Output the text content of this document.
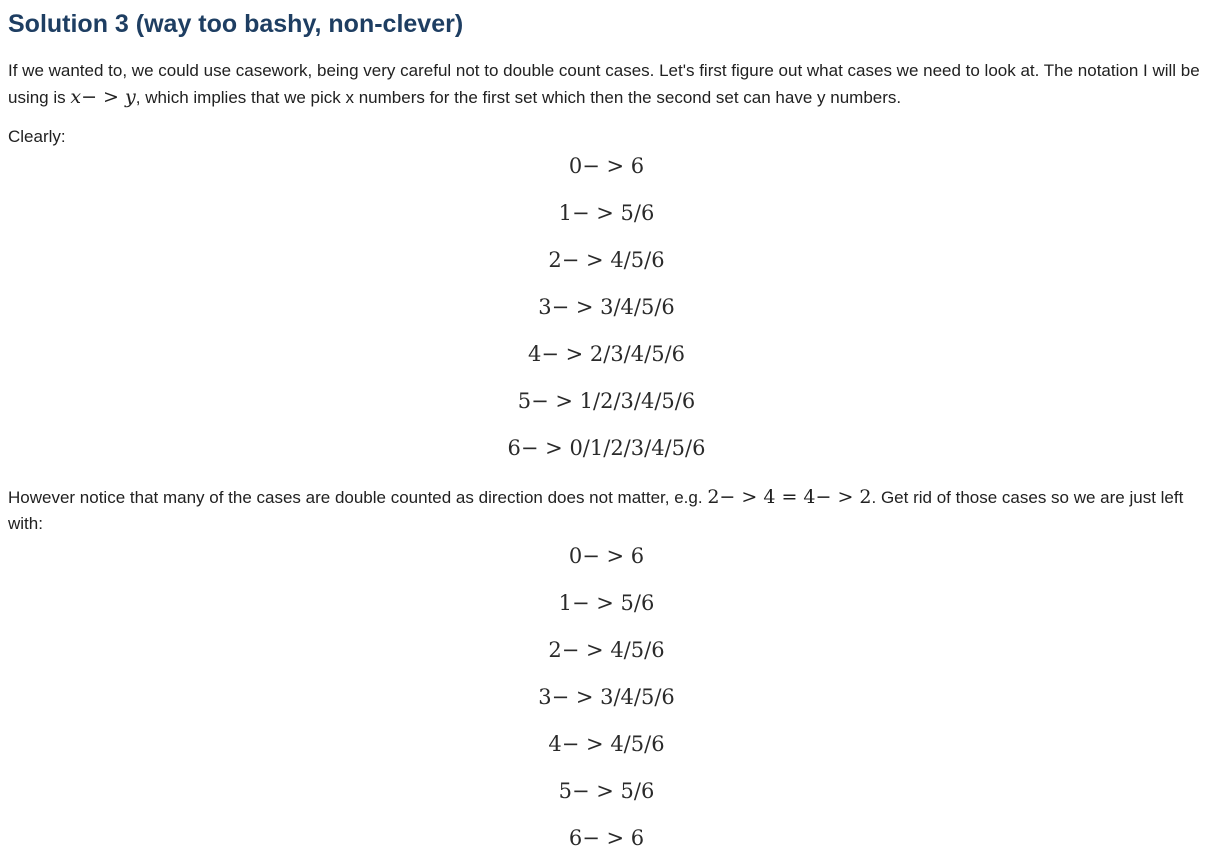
Solution 3 (way too bashy, non-clever)

If we wanted to, we could use casework, being very careful not to double count cases. Let's first figure out what cases we need to look at. The notation I will be using is x− > y, which implies that we pick x numbers for the first set which then the second set can have y numbers.

Clearly:

0− > 6
1− > 5/6
2− > 4/5/6
3− > 3/4/5/6
4− > 2/3/4/5/6
5− > 1/2/3/4/5/6
6− > 0/1/2/3/4/5/6

However notice that many of the cases are double counted as direction does not matter, e.g. 2− > 4 = 4− > 2. Get rid of those cases so we are just left with:

0− > 6
1− > 5/6
2− > 4/5/6
3− > 3/4/5/6
4− > 4/5/6
5− > 5/6
6− > 6
